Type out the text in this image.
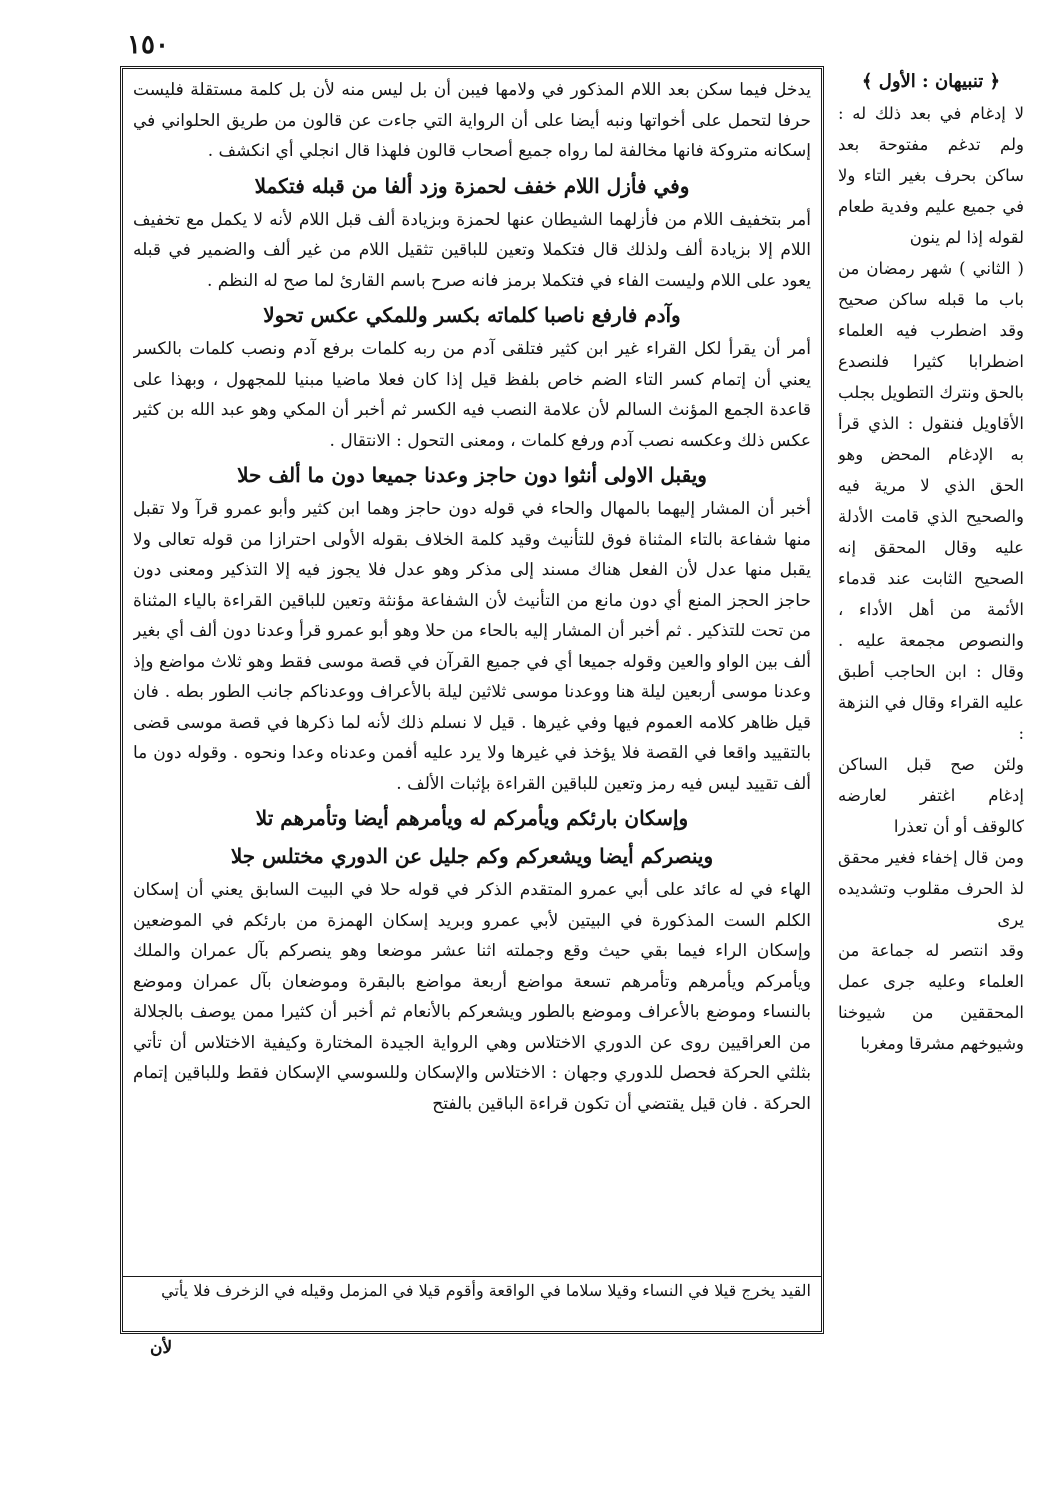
١٥٠

﴿ تنبيهان : الأول ﴾

لا إدغام في بعد ذلك له : ولم تدغم مفتوحة بعد ساكن بحرف بغير التاء ولا في جميع عليم وفدية طعام لقوله إذا لم ينون

( الثاني ) شهر رمضان من باب ما قبله ساكن صحيح وقد اضطرب فيه العلماء اضطرابا كثيرا فلنصدع بالحق ونترك التطويل بجلب الأقاويل فنقول : الذي قرأ به الإدغام المحض وهو الحق الذي لا مرية فيه والصحيح الذي قامت الأدلة عليه وقال المحقق إنه الصحيح الثابت عند قدماء الأئمة من أهل الأداء ، والنصوص مجمعة عليه . وقال : ابن الحاجب أطبق عليه القراء وقال في النزهة :

ولئن صح قبل الساكن إدغام اغتفر لعارضه كالوقف أو أن تعذرا

ومن قال إخفاء فغير محقق لذ الحرف مقلوب وتشديده يرى

وقد انتصر له جماعة من العلماء وعليه جرى عمل المحققين من شيوخنا وشيوخهم مشرقا ومغربا

يدخل فيما سكن بعد اللام المذكور في ولامها فيبن أن بل ليس منه لأن بل كلمة مستقلة فليست حرفا لتحمل على أخواتها ونبه أيضا على أن الرواية التي جاءت عن قالون من طريق الحلواني في إسكانه متروكة فانها مخالفة لما رواه جميع أصحاب قالون فلهذا قال انجلي أي انكشف .

وفي فأزل اللام خفف لحمزة وزد ألفا من قبله فتكملا

أمر بتخفيف اللام من فأزلهما الشيطان عنها لحمزة وبزيادة ألف قبل اللام لأنه لا يكمل مع تخفيف اللام إلا بزيادة ألف ولذلك قال فتكملا وتعين للباقين تثقيل اللام من غير ألف والضمير في قبله يعود على اللام وليست الفاء في فتكملا برمز فانه صرح باسم القارئ لما صح له النظم .

وآدم فارفع ناصبا كلماته بكسر وللمكي عكس تحولا

أمر أن يقرأ لكل القراء غير ابن كثير فتلقى آدم من ربه كلمات برفع آدم ونصب كلمات بالكسر يعني أن إتمام كسر التاء الضم خاص بلفظ قيل إذا كان فعلا ماضيا مبنيا للمجهول ، وبهذا على قاعدة الجمع المؤنث السالم لأن علامة النصب فيه الكسر ثم أخبر أن المكي وهو عبد الله بن كثير عكس ذلك وعكسه نصب آدم ورفع كلمات ، ومعنى التحول : الانتقال .

ويقبل الاولى أنثوا دون حاجز وعدنا جميعا دون ما ألف حلا

أخبر أن المشار إليهما بالمهال والحاء في قوله دون حاجز وهما ابن كثير وأبو عمرو قرآ ولا تقبل منها شفاعة بالتاء المثناة فوق للتأنيث وقيد كلمة الخلاف بقوله الأولى احترازا من قوله تعالى ولا يقبل منها عدل لأن الفعل هناك مسند إلى مذكر وهو عدل فلا يجوز فيه إلا التذكير ومعنى دون حاجز الحجز المنع أي دون مانع من التأنيث لأن الشفاعة مؤنثة وتعين للباقين القراءة بالياء المثناة من تحت للتذكير . ثم أخبر أن المشار إليه بالحاء من حلا وهو أبو عمرو قرأ وعدنا دون ألف أي بغير ألف بين الواو والعين وقوله جميعا أي في جميع القرآن في قصة موسى فقط وهو ثلاث مواضع وإذ وعدنا موسى أربعين ليلة هنا ووعدنا موسى ثلاثين ليلة بالأعراف ووعدناكم جانب الطور بطه . فان قيل ظاهر كلامه العموم فيها وفي غيرها . قيل لا نسلم ذلك لأنه لما ذكرها في قصة موسى قضى بالتقييد واقعا في القصة فلا يؤخذ في غيرها ولا يرد عليه أفمن وعدناه وعدا ونحوه . وقوله دون ما ألف تقييد ليس فيه رمز وتعين للباقين القراءة بإثبات الألف .

وإسكان بارئكم ويأمركم له ويأمرهم أيضا وتأمرهم تلا

وينصركم أيضا ويشعركم وكم جليل عن الدوري مختلس جلا

الهاء في له عائد على أبي عمرو المتقدم الذكر في قوله حلا في البيت السابق يعني أن إسكان الكلم الست المذكورة في البيتين لأبي عمرو وبريد إسكان الهمزة من بارئكم في الموضعين وإسكان الراء فيما بقي حيث وقع وجملته اثنا عشر موضعا وهو ينصركم بآل عمران والملك ويأمركم ويأمرهم وتأمرهم تسعة مواضع أربعة مواضع بالبقرة وموضعان بآل عمران وموضع بالنساء وموضع بالأعراف وموضع بالطور ويشعركم بالأنعام ثم أخبر أن كثيرا ممن يوصف بالجلالة من العراقيين روى عن الدوري الاختلاس وهي الرواية الجيدة المختارة وكيفية الاختلاس أن تأتي بثلثي الحركة فحصل للدوري وجهان : الاختلاس والإسكان وللسوسي الإسكان فقط وللباقين إتمام الحركة . فان قيل يقتضي أن تكون قراءة الباقين بالفتح

القيد يخرج قيلا في النساء وقيلا سلاما في الواقعة وأقوم قيلا في المزمل وقيله في الزخرف فلا يأتي
لأن
